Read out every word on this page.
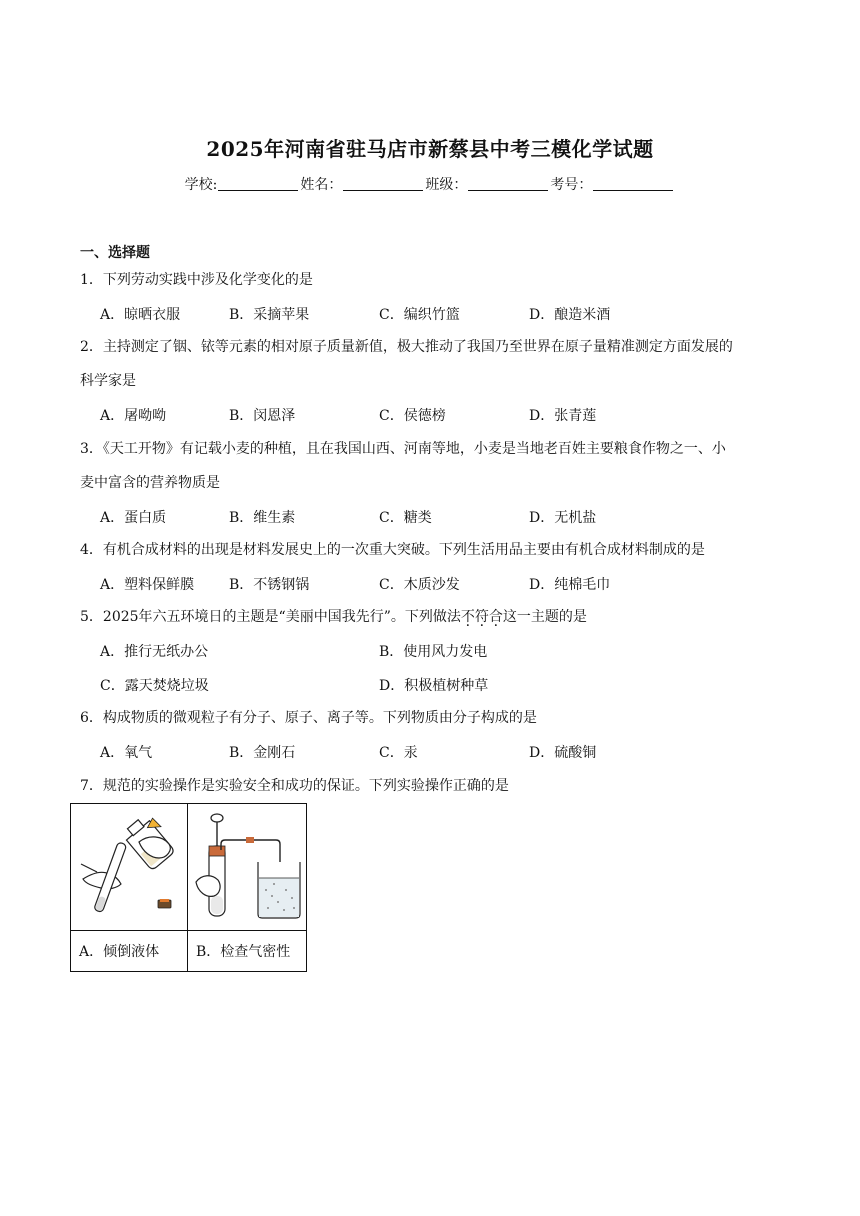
2025年河南省驻马店市新蔡县中考三模化学试题
学校:	姓名：	班级：	考号：
一、选择题
1．下列劳动实践中涉及化学变化的是
A．晾晒衣服	B．采摘苹果	C．编织竹篮	D．酿造米酒
2．主持测定了铟、铱等元素的相对原子质量新值，极大推动了我国乃至世界在原子量精准测定方面发展的
科学家是
A．屠呦呦	B．闵恩泽	C．侯德榜	D．张青莲
3．《天工开物》有记载小麦的种植，且在我国山西、河南等地，小麦是当地老百姓主要粮食作物之一、小
麦中富含的营养物质是
A．蛋白质	B．维生素	C．糖类	D．无机盐
4．有机合成材料的出现是材料发展史上的一次重大突破。下列生活用品主要由有机合成材料制成的是
A．塑料保鲜膜 B．不锈钢锅	C．木质沙发	D．纯棉毛巾
5．2025年六五环境日的主题是“美丽中国我先行”。下列做法不符合这一主题的是
A．推行无纸办公	B．使用风力发电
C．露天焚烧垃圾	D．积极植树种草
6．构成物质的微观粒子有分子、原子、离子等。下列物质由分子构成的是
A．氧气	B．金刚石	C．汞	D．硫酸铜
7．规范的实验操作是实验安全和成功的保证。下列实验操作正确的是

A．倾倒液体	B．检查气密性
